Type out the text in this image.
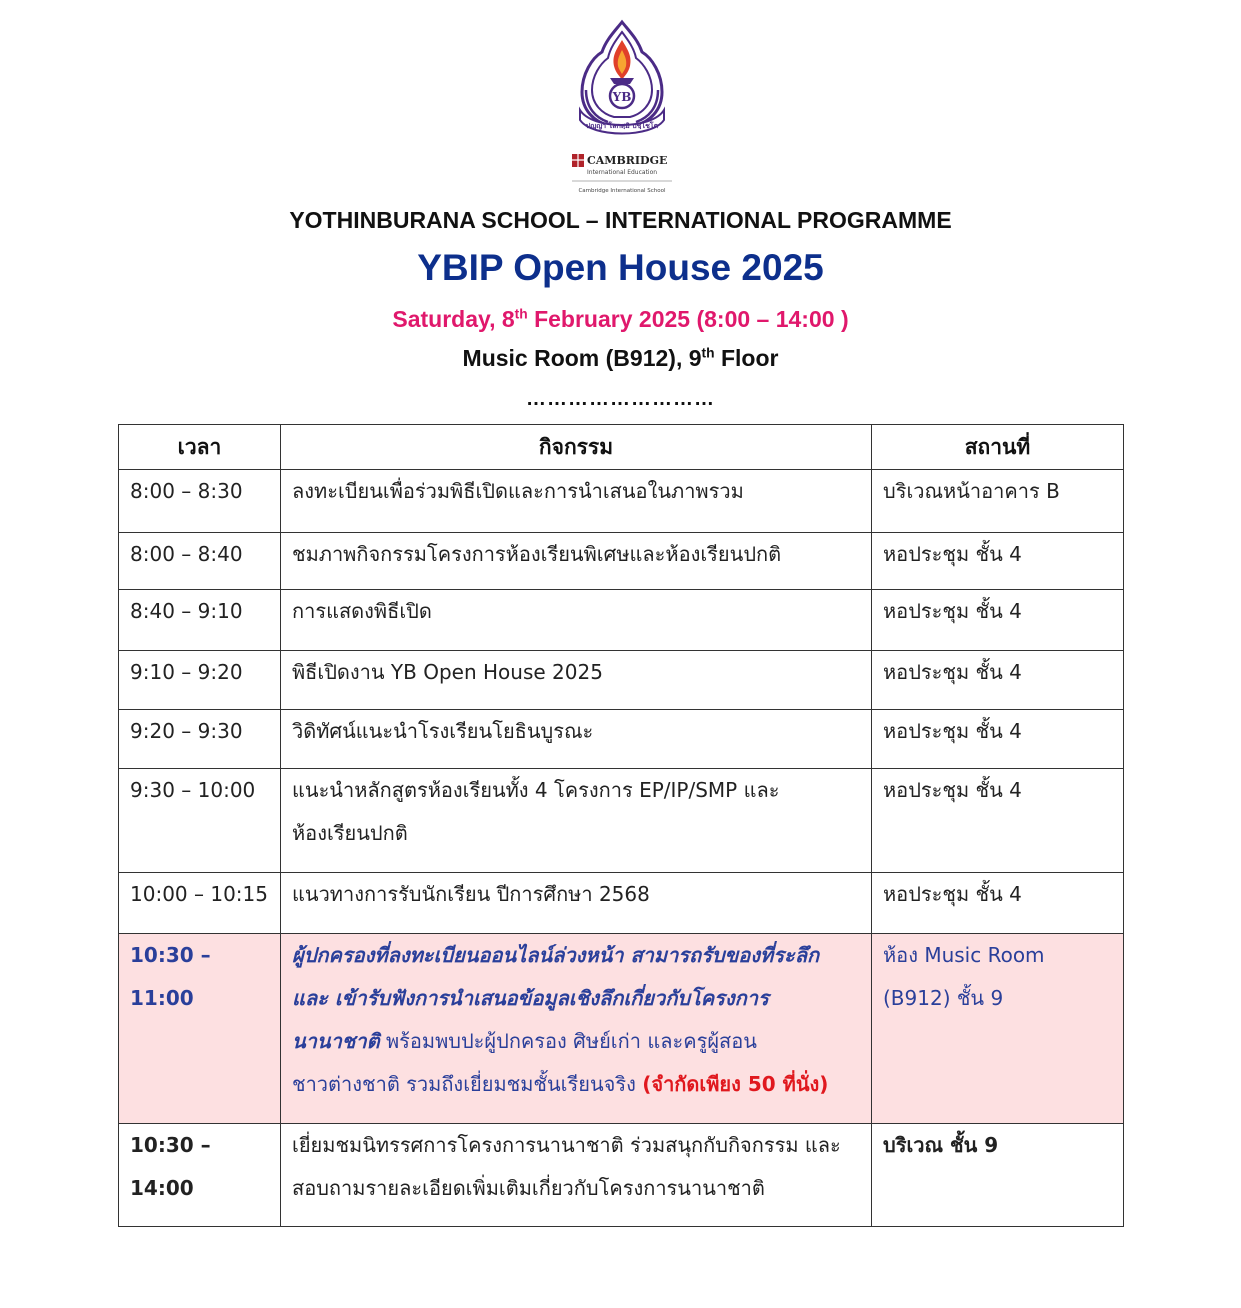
YB
ปญฺญา โลกสฺมิ ปชฺโชโต
CAMBRIDGE
International Education
Cambridge International School
YOTHINBURANA SCHOOL – INTERNATIONAL PROGRAMME
YBIP Open House 2025
Saturday, 8th February 2025 (8:00 – 14:00 )
Music Room (B912), 9th Floor
………………………
เวลา	กิจกรรม	สถานที่
8:00 – 8:30	ลงทะเบียนเพื่อร่วมพิธีเปิดและการนำเสนอในภาพรวม	บริเวณหน้าอาคาร B
8:00 – 8:40	ชมภาพกิจกรรมโครงการห้องเรียนพิเศษและห้องเรียนปกติ	หอประชุม ชั้น 4
8:40 – 9:10	การแสดงพิธีเปิด	หอประชุม ชั้น 4
9:10 – 9:20	พิธีเปิดงาน YB Open House 2025	หอประชุม ชั้น 4
9:20 – 9:30	วิดิทัศน์แนะนำโรงเรียนโยธินบูรณะ	หอประชุม ชั้น 4
9:30 – 10:00	แนะนำหลักสูตรห้องเรียนทั้ง 4 โครงการ EP/IP/SMP และ
ห้องเรียนปกติ	หอประชุม ชั้น 4
10:00 – 10:15	แนวทางการรับนักเรียน ปีการศึกษา 2568	หอประชุม ชั้น 4
10:30 – 11:00	ผู้ปกครองที่ลงทะเบียนออนไลน์ล่วงหน้า สามารถรับของที่ระลึก
และ เข้ารับฟังการนำเสนอข้อมูลเชิงลึกเกี่ยวกับโครงการ
นานาชาติ พร้อมพบปะผู้ปกครอง ศิษย์เก่า และครูผู้สอน
ชาวต่างชาติ รวมถึงเยี่ยมชมชั้นเรียนจริง (จำกัดเพียง 50 ที่นั่ง)	ห้อง Music Room
(B912) ชั้น 9
10:30 – 14:00	เยี่ยมชมนิทรรศการโครงการนานาชาติ ร่วมสนุกกับกิจกรรม และ
สอบถามรายละเอียดเพิ่มเติมเกี่ยวกับโครงการนานาชาติ	บริเวณ ชั้น 9
